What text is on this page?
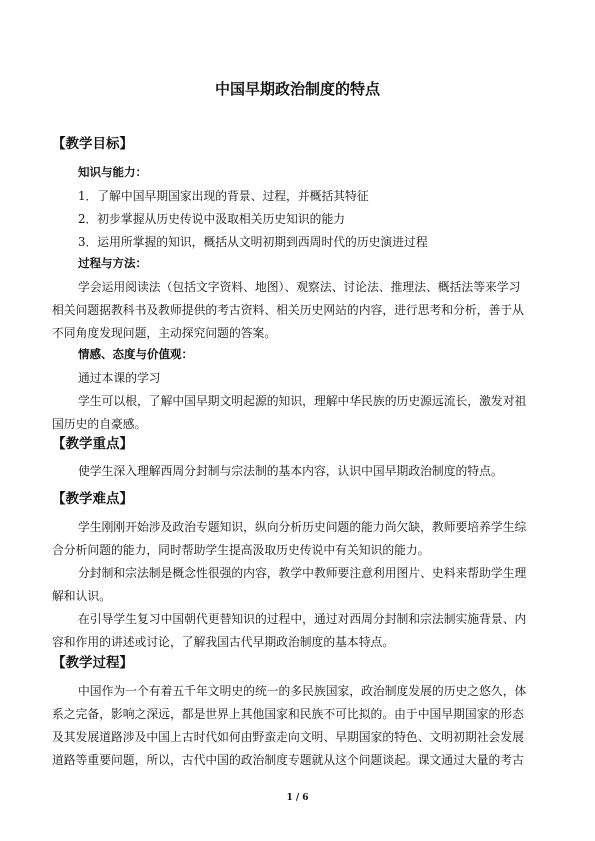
中国早期政治制度的特点
【教学目标】
知识与能力：
1．了解中国早期国家出现的背景、过程，并概括其特征
2．初步掌握从历史传说中汲取相关历史知识的能力
3．运用所掌握的知识，概括从文明初期到西周时代的历史演进过程
过程与方法：
学会运用阅读法（包括文字资料、地图）、观察法、讨论法、推理法、概括法等来学习
相关问题据教科书及教师提供的考古资料、相关历史网站的内容，进行思考和分析，善于从
不同角度发现问题，主动探究问题的答案。
情感、态度与价值观：
通过本课的学习
学生可以根，了解中国早期文明起源的知识，理解中华民族的历史源远流长，激发对祖
国历史的自豪感。
【教学重点】
使学生深入理解西周分封制与宗法制的基本内容，认识中国早期政治制度的特点。
【教学难点】
学生刚刚开始涉及政治专题知识，纵向分析历史问题的能力尚欠缺，教师要培养学生综
合分析问题的能力，同时帮助学生提高汲取历史传说中有关知识的能力。
分封制和宗法制是概念性很强的内容，教学中教师要注意利用图片、史料来帮助学生理
解和认识。
在引导学生复习中国朝代更替知识的过程中，通过对西周分封制和宗法制实施背景、内
容和作用的讲述或讨论，了解我国古代早期政治制度的基本特点。
【教学过程】
中国作为一个有着五千年文明史的统一的多民族国家，政治制度发展的历史之悠久，体
系之完备，影响之深远，都是世界上其他国家和民族不可比拟的。由于中国早期国家的形态
及其发展道路涉及中国上古时代如何由野蛮走向文明、早期国家的特色、文明初期社会发展
道路等重要问题，所以，古代中国的政治制度专题就从这个问题谈起。课文通过大量的考古
1 / 6
